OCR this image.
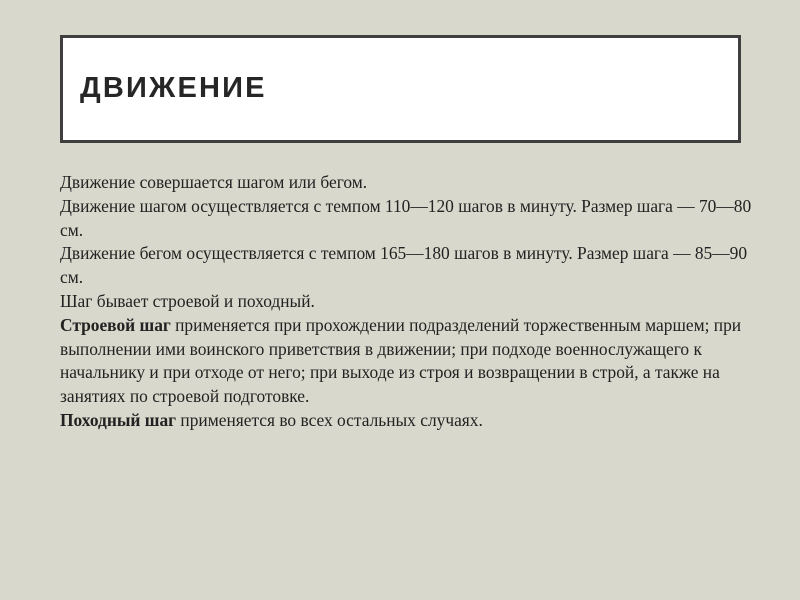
ДВИЖЕНИЕ

Движение совершается шагом или бегом.

Движение шагом осуществляется с темпом 110—120 шагов в минуту. Размер шага — 70—80 см.

Движение бегом осуществляется с темпом 165—180 шагов в минуту. Размер шага — 85—90 см.

Шаг бывает строевой и походный.

Строевой шаг применяется при прохождении подразделений торжественным маршем; при выполнении ими воинского приветствия в движении; при подходе военнослужащего к начальнику и при отходе от него; при выходе из строя и возвращении в строй, а также на занятиях по строевой подготовке.

Походный шаг применяется во всех остальных случаях.
